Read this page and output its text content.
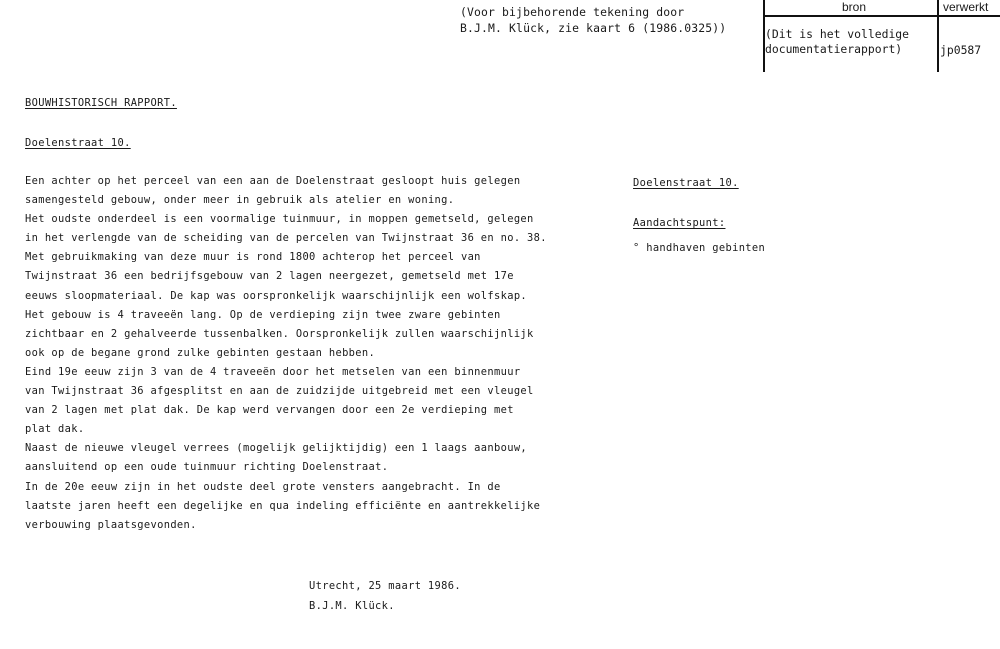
(Voor bijbehorende tekening door
B.J.M. Klück, zie kaart 6 (1986.0325))
bron	verwerkt
(Dit is het volledige
documentatierapport)	jp0587
BOUWHISTORISCH RAPPORT.
Doelenstraat 10.
Een achter op het perceel van een aan de Doelenstraat gesloopt huis gelegen
samengesteld gebouw, onder meer in gebruik als atelier en woning.
Het oudste onderdeel is een voormalige tuinmuur, in moppen gemetseld, gelegen
in het verlengde van de scheiding van de percelen van Twijnstraat 36 en no. 38.
Met gebruikmaking van deze muur is rond 1800 achterop het perceel van
Twijnstraat 36 een bedrijfsgebouw van 2 lagen neergezet, gemetseld met 17e
eeuws sloopmateriaal. De kap was oorspronkelijk waarschijnlijk een wolfskap.
Het gebouw is 4 traveeën lang. Op de verdieping zijn twee zware gebinten
zichtbaar en 2 gehalveerde tussenbalken. Oorspronkelijk zullen waarschijnlijk
ook op de begane grond zulke gebinten gestaan hebben.
Eind 19e eeuw zijn 3 van de 4 traveeën door het metselen van een binnenmuur
van Twijnstraat 36 afgesplitst en aan de zuidzijde uitgebreid met een vleugel
van 2 lagen met plat dak. De kap werd vervangen door een 2e verdieping met
plat dak.
Naast de nieuwe vleugel verrees (mogelijk gelijktijdig) een 1 laags aanbouw,
aansluitend op een oude tuinmuur richting Doelenstraat.
In de 20e eeuw zijn in het oudste deel grote vensters aangebracht. In de
laatste jaren heeft een degelijke en qua indeling efficiënte en aantrekkelijke
verbouwing plaatsgevonden.
Doelenstraat 10.
Aandachtspunt:
° handhaven gebinten
Utrecht, 25 maart 1986.
B.J.M. Klück.
